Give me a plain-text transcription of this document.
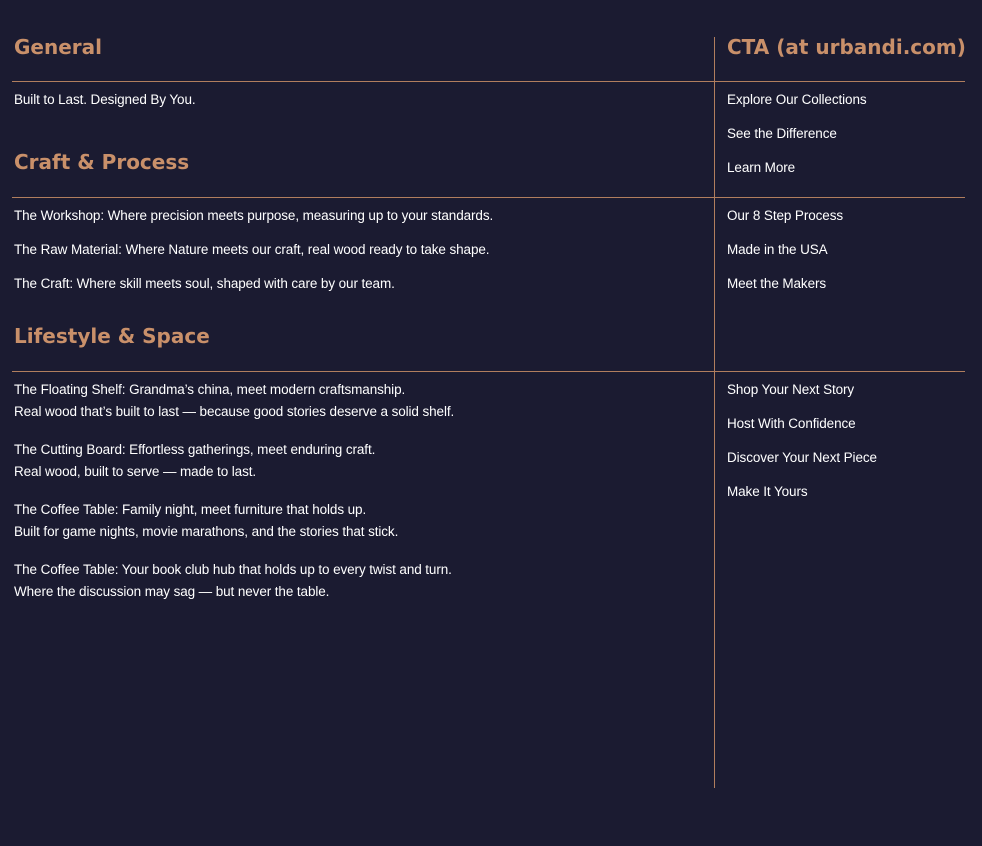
General	CTA (at urbandi.com)
Built to Last. Designed By You.	Explore Our Collections
See the Difference
Learn More
Craft & Process
The Workshop: Where precision meets purpose, measuring up to your standards.
The Raw Material: Where Nature meets our craft, real wood ready to take shape.
The Craft: Where skill meets soul, shaped with care by our team.
Our 8 Step Process
Made in the USA
Meet the Makers
Lifestyle & Space
The Floating Shelf: Grandma’s china, meet modern craftsmanship.
Real wood that’s built to last — because good stories deserve a solid shelf.
The Cutting Board: Effortless gatherings, meet enduring craft.
Real wood, built to serve — made to last.
The Coffee Table: Family night, meet furniture that holds up.
Built for game nights, movie marathons, and the stories that stick.
The Coffee Table: Your book club hub that holds up to every twist and turn.
Where the discussion may sag — but never the table.
Shop Your Next Story
Host With Confidence
Discover Your Next Piece
Make It Yours
